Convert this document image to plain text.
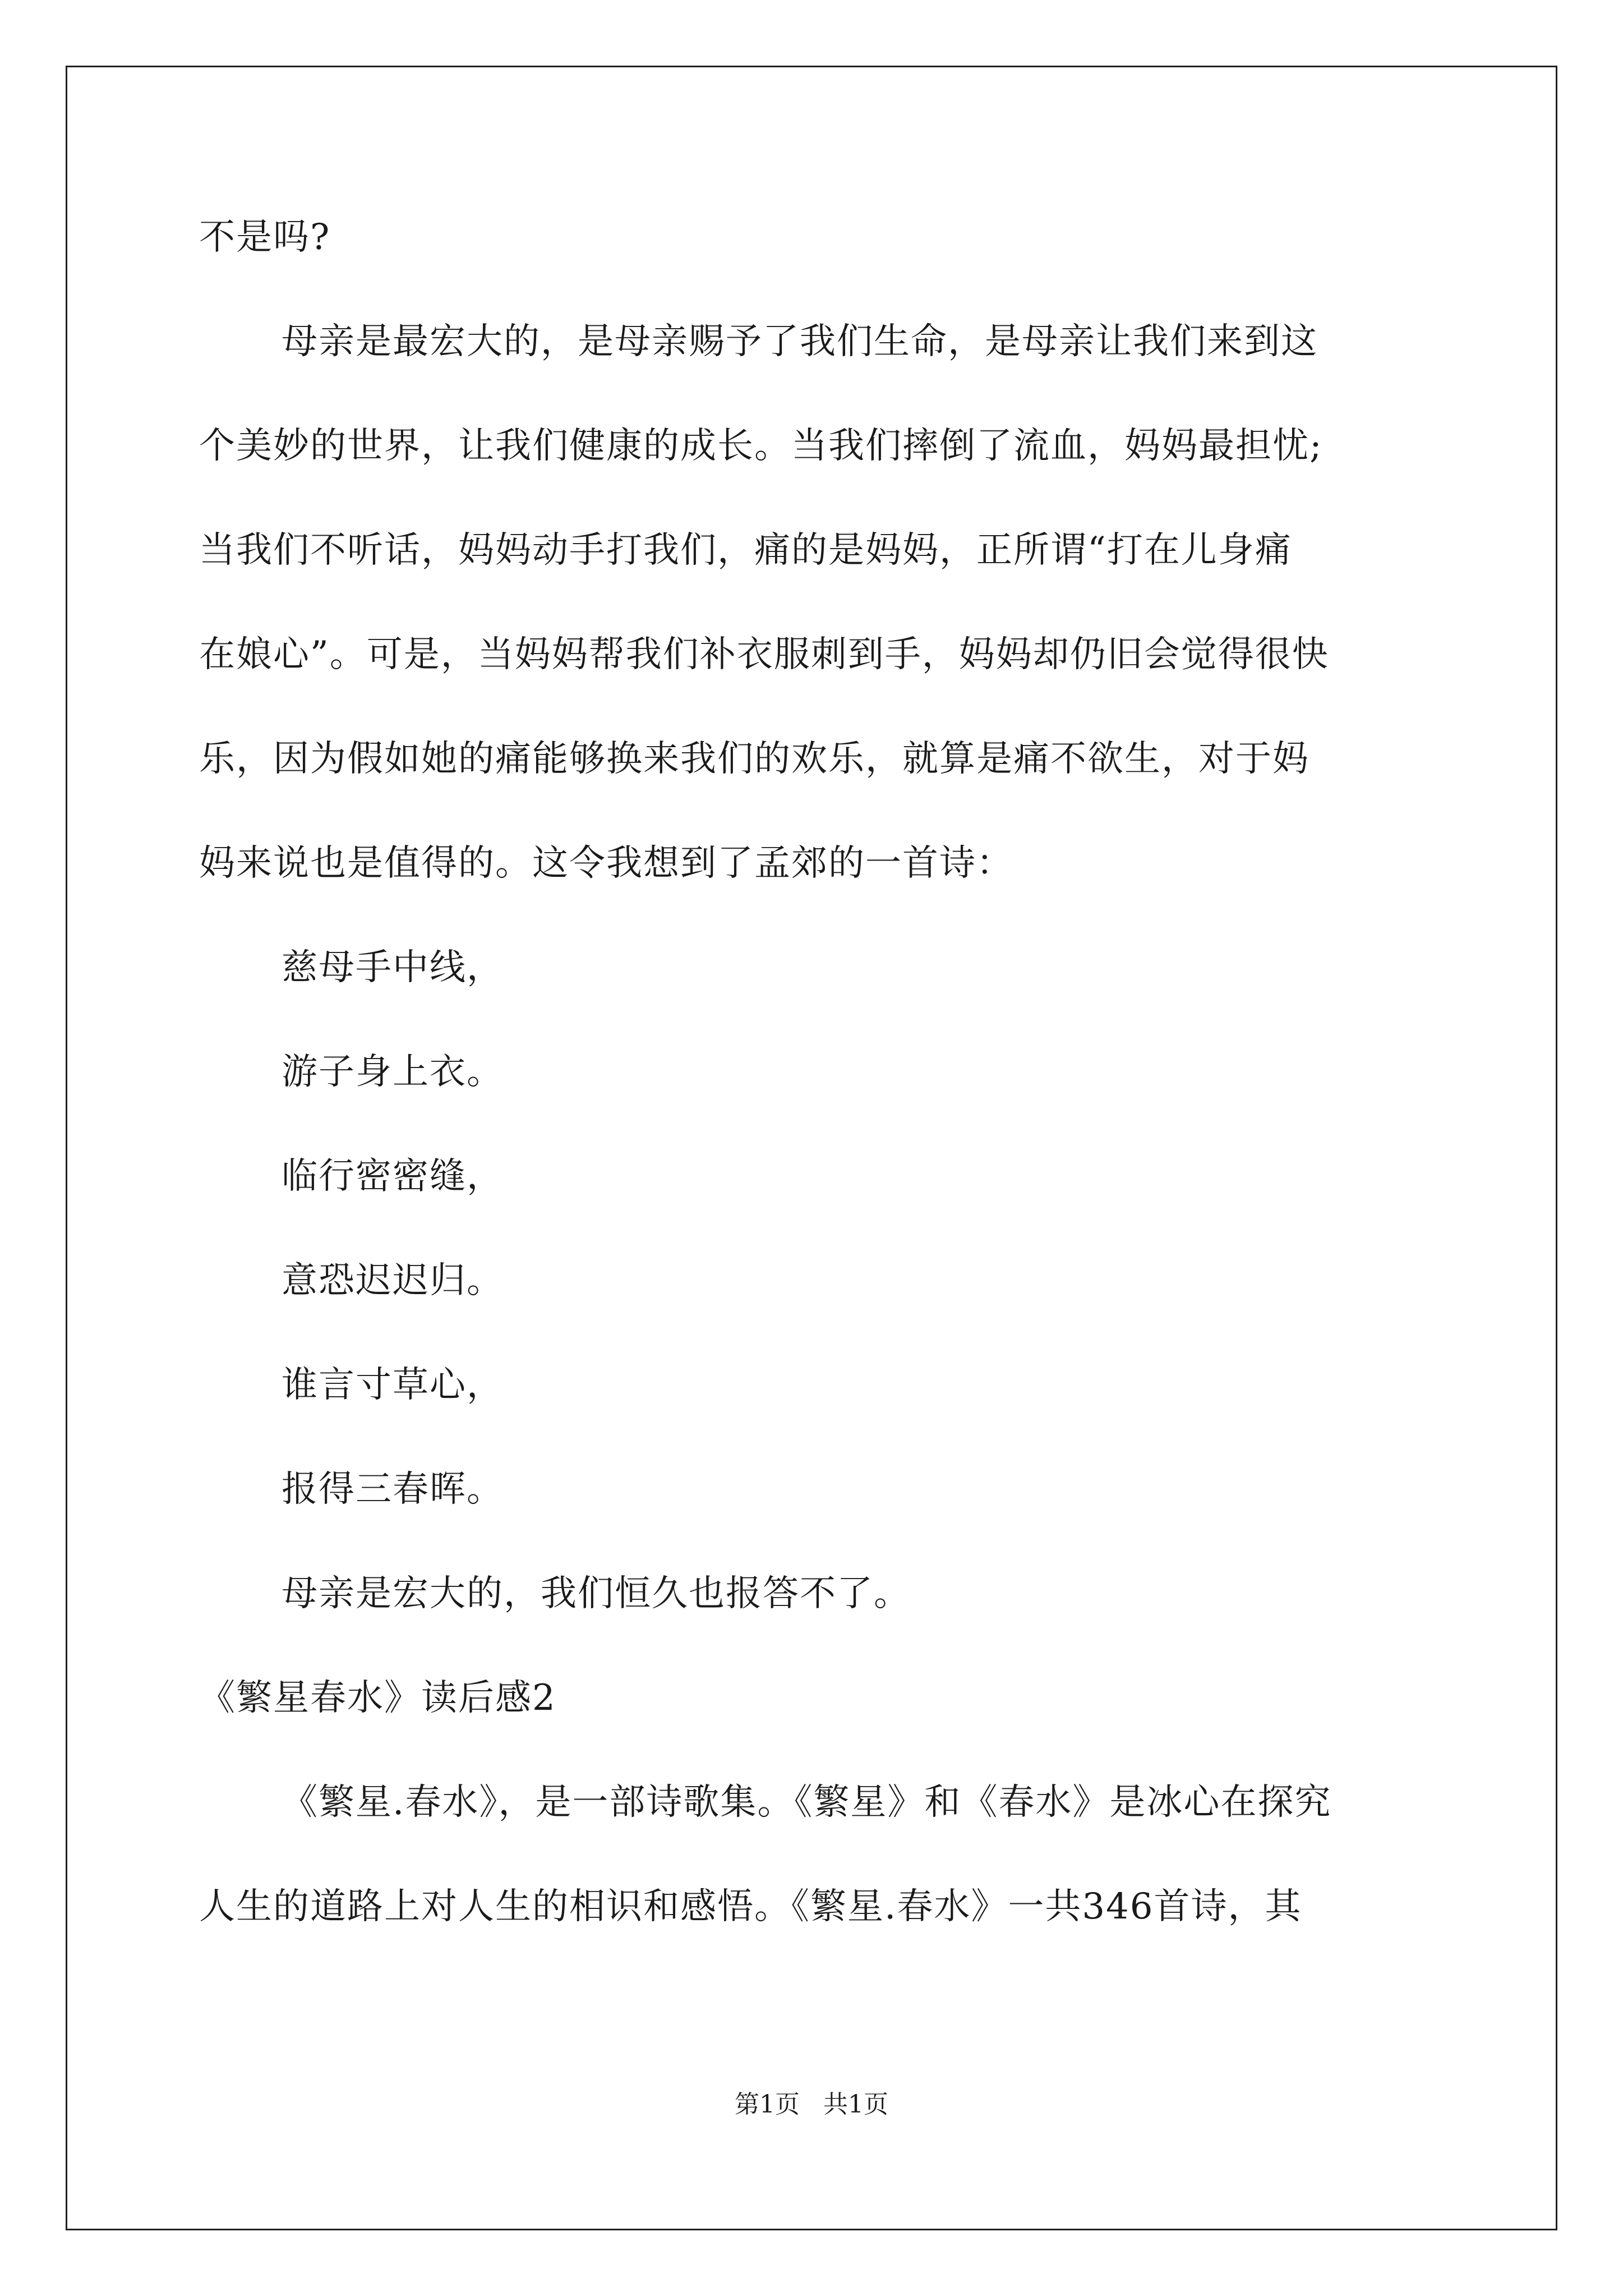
不是吗?
母亲是最宏大的，是母亲赐予了我们生命，是母亲让我们来到这
个美妙的世界，让我们健康的成长。当我们摔倒了流血，妈妈最担忧;
当我们不听话，妈妈动手打我们，痛的是妈妈，正所谓“打在儿身痛
在娘心”。可是，当妈妈帮我们补衣服刺到手，妈妈却仍旧会觉得很快
乐，因为假如她的痛能够换来我们的欢乐，就算是痛不欲生，对于妈
妈来说也是值得的。这令我想到了孟郊的一首诗：
慈母手中线，
游子身上衣。
临行密密缝，
意恐迟迟归。
谁言寸草心，
报得三春晖。
母亲是宏大的，我们恒久也报答不了。
《繁星春水》读后感2
《繁星.春水》，是一部诗歌集。《繁星》和《春水》是冰心在探究
人生的道路上对人生的相识和感悟。《繁星.春水》一共346首诗，其
第1页   共1页
